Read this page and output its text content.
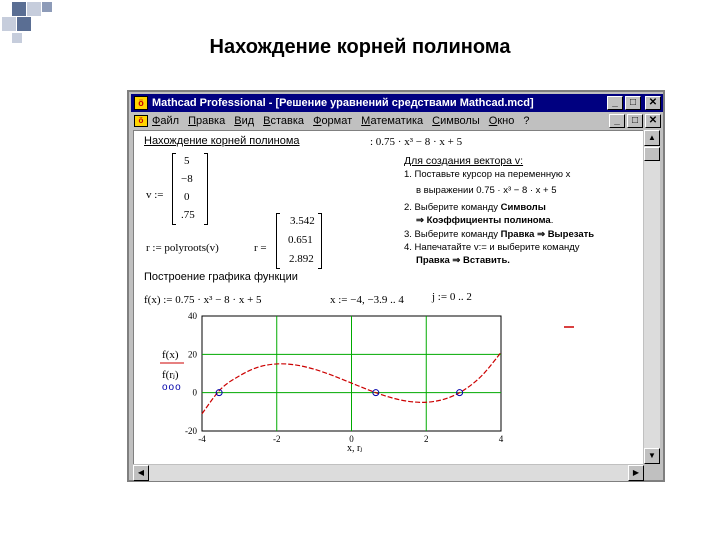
Нахождение корней полинома
ö Mathcad Professional - [Решение уравнений средствами Mathcad.mcd]	_	□	✕
ö Файл Правка Вид Вставка Формат Математика Символы Окно ?	_	□	✕
Нахождение корней полинома	: 0.75 · x³ − 8 · x + 5
v :=
5
−8
0
.75
r := polyroots(v)	r =
3.542
0.651
2.892
Для создания вектора v:
1. Поставьте курсор на переменную x
в выражении 0.75 · x³ − 8 · x + 5
2. Выберите команду Символы
⇒ Коэффициенты полинома.
3. Выберите команду Правка ⇒ Вырезать
4. Напечатайте v:= и выберите команду
Правка ⇒ Вставить.
Построение графика функции
f(x) := 0.75 · x³ − 8 · x + 5	x := −4, −3.9 .. 4	j := 0 .. 2
f(x)
f(rⱼ)
ooo
-4	-2	0	2	4
40
20
0
-20
x, rⱼ
▲
▼
◀	▶
